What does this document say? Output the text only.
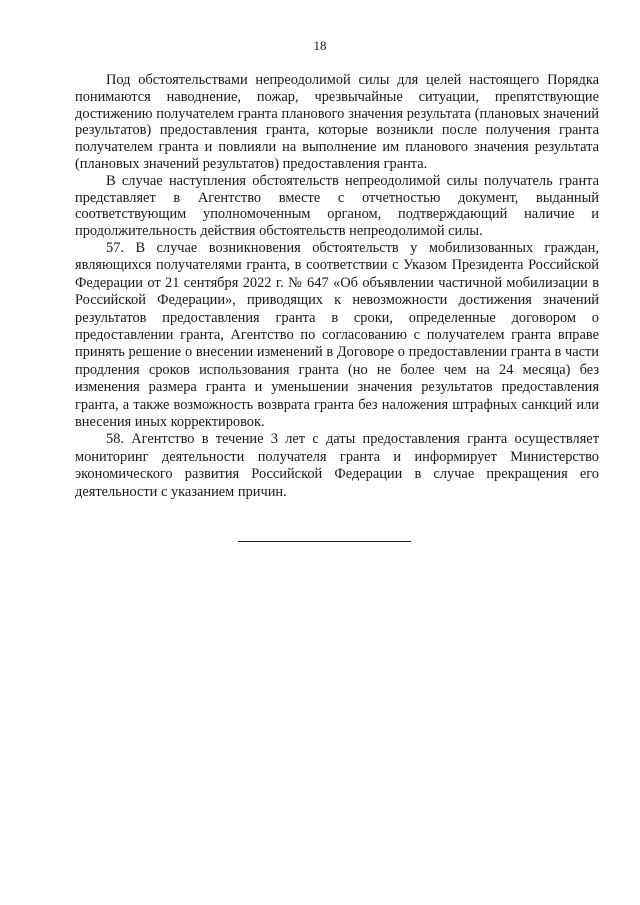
18

Под обстоятельствами непреодолимой силы для целей настоящего Порядка понимаются наводнение, пожар, чрезвычайные ситуации, препятствующие достижению получателем гранта планового значения результата (плановых значений результатов) предоставления гранта, которые возникли после получения гранта получателем гранта и повлияли на выполнение им планового значения результата (плановых значений результатов) предоставления гранта.

В случае наступления обстоятельств непреодолимой силы получатель гранта представляет в Агентство вместе с отчетностью документ, выданный соответствующим уполномоченным органом, подтверждающий наличие и продолжительность действия обстоятельств непреодолимой силы.

57. В случае возникновения обстоятельств у мобилизованных граждан, являющихся получателями гранта, в соответствии с Указом Президента Российской Федерации от 21 сентября 2022 г. № 647 «Об объявлении частичной мобилизации в Российской Федерации», приводящих к невозможности достижения значений результатов предоставления гранта в сроки, определенные договором о предоставлении гранта, Агентство по согласованию с получателем гранта вправе принять решение о внесении изменений в Договоре о предоставлении гранта в части продления сроков использования гранта (но не более чем на 24 месяца) без изменения размера гранта и уменьшении значения результатов предоставления гранта, а также возможность возврата гранта без наложения штрафных санкций или внесения иных корректировок.

58. Агентство в течение 3 лет с даты предоставления гранта осуществляет мониторинг деятельности получателя гранта и информирует Министерство экономического развития Российской Федерации в случае прекращения его деятельности с указанием причин.
